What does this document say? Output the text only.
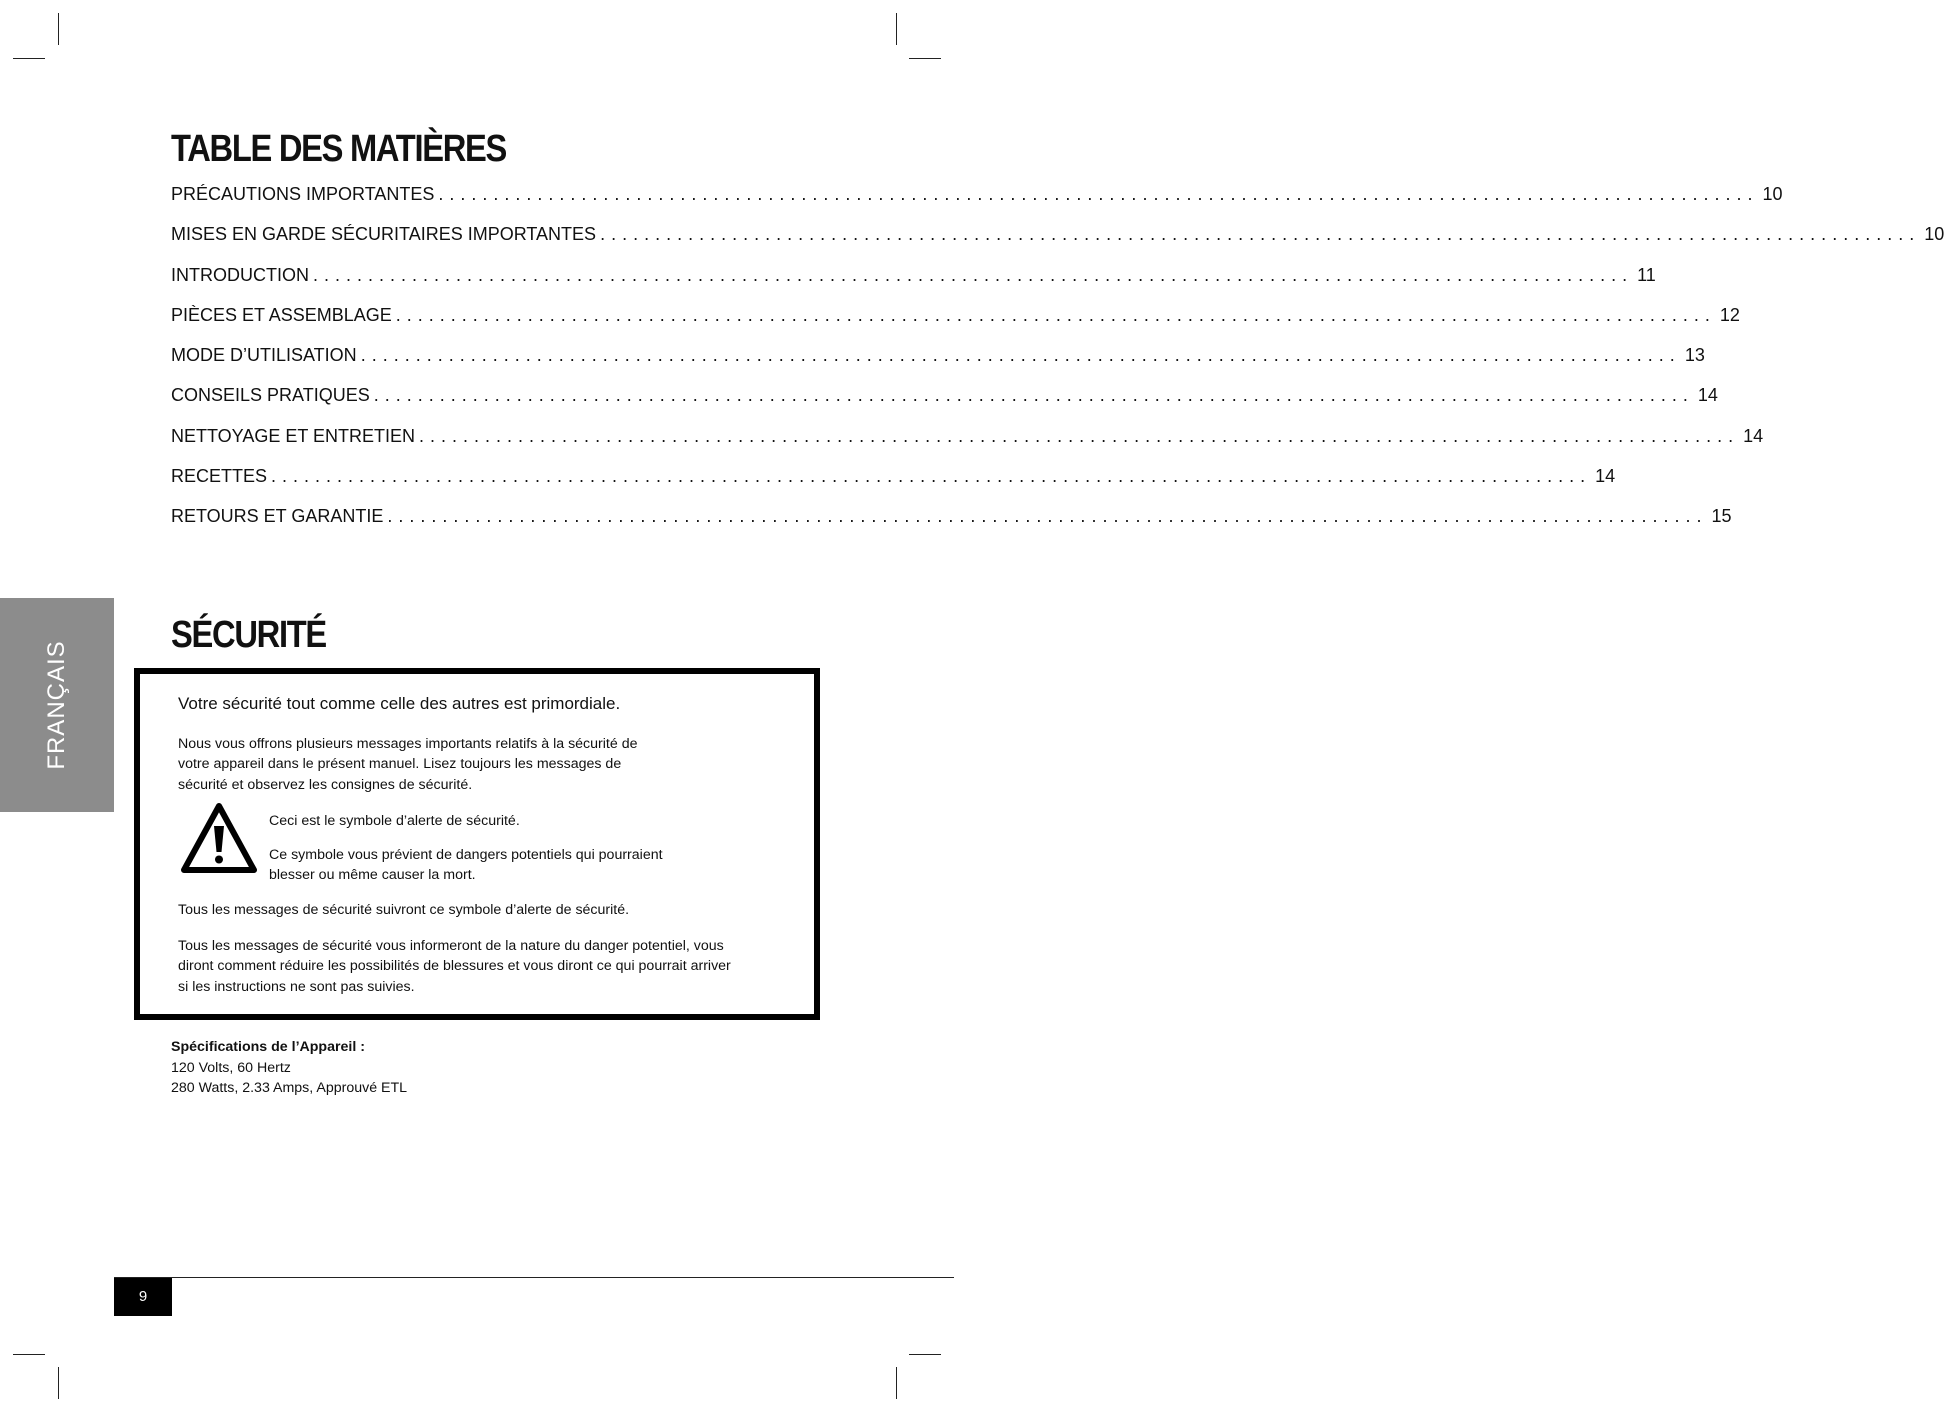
TABLE DES MATIÈRES
PRÉCAUTIONS IMPORTANTES ........................................................................................................................ 10
MISES EN GARDE SÉCURITAIRES IMPORTANTES ........................................................................................................................ 10
INTRODUCTION ........................................................................................................................ 11
PIÈCES ET ASSEMBLAGE ........................................................................................................................ 12
MODE D’UTILISATION ........................................................................................................................ 13
CONSEILS PRATIQUES ........................................................................................................................ 14
NETTOYAGE ET ENTRETIEN ........................................................................................................................ 14
RECETTES ........................................................................................................................ 14
RETOURS ET GARANTIE ........................................................................................................................ 15
FRANÇAIS
SÉCURITÉ

Votre sécurité tout comme celle des autres est primordiale.

Nous vous offrons plusieurs messages importants relatifs à la sécurité de votre appareil dans le présent manuel. Lisez toujours les messages de sécurité et observez les consignes de sécurité.

Ceci est le symbole d’alerte de sécurité.

Ce symbole vous prévient de dangers potentiels qui pourraient blesser ou même causer la mort.

Tous les messages de sécurité suivront ce symbole d’alerte de sécurité.

Tous les messages de sécurité vous informeront de la nature du danger potentiel, vous diront comment réduire les possibilités de blessures et vous diront ce qui pourrait arriver si les instructions ne sont pas suivies.

Spécifications de l’Appareil :
120 Volts, 60 Hertz
280 Watts, 2.33 Amps, Approuvé ETL
9
